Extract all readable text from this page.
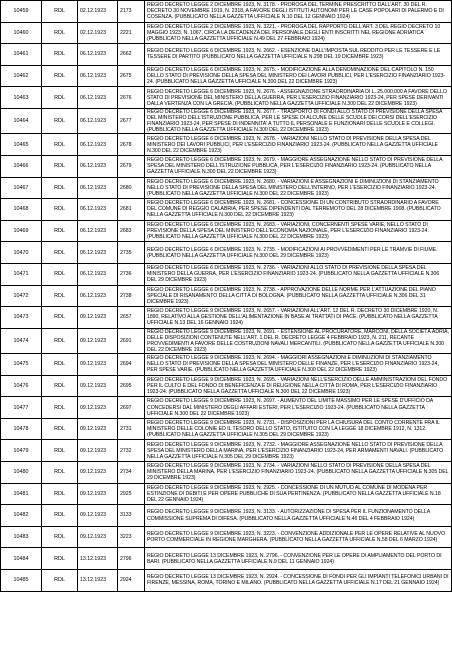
10459	RDL	02.12.1923	2173	REGIO DECRETO LEGGE 2 DICEMBRE 1923, N. 3178. - PROROGA DEL TERMINE PRESCRITTO DALL'ART. 30 DEL R. DECRETO 30 NOVEMBRE 1919, N. 2318, A FAVORE DEGLI ISTITUTI AUTONOMI PER LE CASE POPOLARI DI PALERMO E DI COSENZA. (PUBBLICATO NELLA GAZZETTA UFFICIALE N.10 DEL 12 GENNAIO 1924)
10460	RDL	02.12.1923	2221	REGIO DECRETO LEGGE 2 DICEMBRE 1923, N. 3221. - PROROGA DEL RAPPORTO DELL'ART. 3 DEL REGIO DECRETO 10 MAGGIO 1923, N. 1067, CIRCA LA DECADENZA DEL PERSONALE DEGLI ENTI INSCRITTI NEL REGIONE ADRIATICA (PUBBLICATO NELLA GAZZETTA UFFICIALE N.49 DEL 27 FEBBRAIO 1924)
10461	RDL	06.12.1923	2662	REGIO DECRETO LEGGE 6 DICEMBRE 1923, N. 2662. - ESENZIONE DALL'IMPOSTA SUL REDDITO PER LE TESSERE E LE TESSERE DI PARTITO (PUBBLICATO NELLA GAZZETTA UFFICIALE N.298 DEL 19 DICEMBRE 1923)
10462	RDL	06.12.1923	2675	REGIO DECRETO LEGGE 6 DICEMBRE 1923, N. 2675. - MODIFICAZIONE ALLA DENOMINAZIONE DEL CAPITOLO N. 150 DELLO STATO DI PREVISIONE DELLA SPESA DEL MINISTERO DEI LAVORI PUBBLICI, PER L'ESERCIZIO FINANZIARIO 1923-24. (PUBBLICATO NELLA GAZZETTA UFFICIALE N.300 DEL 22 DICEMBRE 1923)
10463	RDL	06.12.1923	2676	REGIO DECRETO LEGGE 6 DICEMBRE 1923, N. 2676. - ASSEGNAZIONE STRAORDINARIA DI L. 25.000.000 A FAVORE DELLO STATO DI PREVISIONE DEL MINISTERO DELLA GUERRA, PER L'ESERCIZIO FINANZIARIO 1923-24, PER SPESE DERIVANTI DALLA VERTENZA CON LA GRECIA. (PUBBLICATO NELLA GAZZETTA UFFICIALE N.300 DEL 22 DICEMBRE 1923)
10464	RDL	06.12.1923	2677	REGIO DECRETO LEGGE 6 DICEMBRE 1923, N. 2677. - TRASPORTO DI FONDI ALLO STATO DI PREVISIONE DELLA SPESA DEL MINISTERO DELL'ISTRUZIONE PUBBLICA, PER LE SPESE DI ALCUNE DELLE SCUOLE DEI CORSI DELL'ESERCIZIO FINANZIARIO 1923-24, PER SPESE DI INDENNITA' A TUTTO IL PERSONALE E FUNZIONARI DELLE SCUOLE E COLLEGI. (PUBBLICATO NELLA GAZZETTA UFFICIALE N.300 DEL 22 DICEMBRE 1923)
10465	RDL	06.12.1923	2678	REGIO DECRETO LEGGE 6 DICEMBRE 1923, N. 2678. - VARIAZIONI NELLO STATO DI PREVISIONE DELLA SPESA DEL MINISTERO DEI LAVORI PUBBLICI, PER L'ESERCIZIO FINANZIARIO 1923-24. (PUBBLICATO NELLA GAZZETTA UFFICIALE N.300 DEL 22 DICEMBRE 1923)
10466	RDL	06.12.1923	2679	REGIO DECRETO LEGGE 6 DICEMBRE 1923, N. 2679. - MAGGIORE ASSEGNAZIONE NELLO STATO DI PREVISIONE DELLA SPESA DEL MINISTERO DELL'ISTRUZIONE PUBBLICA, PER L'ESERCIZIO FINANZIARIO 1923-24. (PUBBLICATO NELLA GAZZETTA UFFICIALE N.300 DEL 22 DICEMBRE 1923)
10467	RDL	06.12.1923	2680	REGIO DECRETO LEGGE 6 DICEMBRE 1923, N. 2680. - VARIAZIONI E ASSEGNAZIONI E DIMINUZIONI DI STANZIAMENTO NELLO STATO DI PREVISIONE DELLA SPESA DEL MINISTERO DELL'INTERNO, PER L'ESERCIZIO FINANZIARIO 1923-24. (PUBBLICATO NELLA GAZZETTA UFFICIALE N.300 DEL 22 DICEMBRE 1923)
10468	RDL	06.12.1923	2681	REGIO DECRETO LEGGE 6 DICEMBRE 1923, N. 2681. - CONCESSIONE DI UN CONTRIBUTO STRAORDINARIO A FAVORE DEL COMUNE DI REGGIO CALABRIA, PER SPESE DIPENDENTI DAL TERREMOTO DEL 28 DICEMBRE 1908. (PUBBLICATO NELLA GAZZETTA UFFICIALE N.300 DEL 22 DICEMBRE 1923)
10469	RDL	06.12.1923	2683	REGIO DECRETO LEGGE 6 DICEMBRE 1923, N. 2683. - VARIAZIONI, CONCERNENTI SPESE VARIE, NELLO STATO DI PREVISIONE DELLA SPESA DEL MINISTERO DELL'ECONOMIA NAZIONALE, PER L'ESERCIZIO FINANZIARIO 1923-24. (PUBBLICATO NELLA GAZZETTA UFFICIALE N.300 DEL 22 DICEMBRE 1923)
10470	RDL	06.12.1923	2735	REGIO DECRETO LEGGE 6 DICEMBRE 1923, N. 2735. - MODIFICAZIONI AI PROVVEDIMENTI PER LE TRAMVIE DI FIUME. (PUBBLICATO NELLA GAZZETTA UFFICIALE N.300 DEL 29 DICEMBRE 1923)
10471	RDL	06.12.1923	2736	REGIO DECRETO LEGGE 6 DICEMBRE 1923, N. 2736. - VARIAZIONI ALLO STATO DI PREVISIONE DELLA SPESA DEL MINISTERO DELLA GUERRA, PER L'ESERCIZIO FINANZIARIO 1923-24. (PUBBLICATO NELLA GAZZETTA UFFICIALE N.306 DEL 29 DICEMBRE 1923)
10472	RDL	06.12.1923	2738	REGIO DECRETO LEGGE 6 DICEMBRE 1923, N. 2738. - APPROVAZIONE DELLE NORME PER L'ATTUAZIONE DEL PIANO SPECIALE DI RISANAMENTO DELLA CITTÀ DI BOLOGNA. (PUBBLICATO NELLA GAZZETTA UFFICIALE N.306 DEL 31 DICEMBRE 1923)
10473	RDL	09.12.1923	2657	REGIO DECRETO LEGGE 9 DICEMBRE 1923, N. 2657. - VARIAZIONI ALL'ART. 12 DEL R. DECRETO 30 DICEMBRE 1920, N. 1890, RELATIVO ALLA GESTIONE DELL'ALIMENTAZIONE IN BASE AI TRATTATI DI PACE. (PUBBLICATO NELLA GAZZETTA UFFICIALE N.13 DEL 16 GENNAIO 1924)
10474	RDL	09.12.1923	2691	REGIO DECRETO LEGGE 9 DICEMBRE 1923, N. 2691. - ESTENSIONE AL PROCURATORE, MARCONI, DELLA SOCIETÀ ADRIA, DELLE DISPOSIZIONI CONTENUTE NELL'ART. 1 DEL R. DECRETO LEGGE 4 FEBBRAIO 1923, N. 211, RECANTE PROVVEDIMENTI A FAVORE DELLE COSTRUZIONI NAVALI MERCANTILI. (PUBBLICATO NELLA GAZZETTA UFFICIALE N.300 DEL 22 DICEMBRE 1923)
10475	RDL	09.12.1923	2694	REGIO DECRETO LEGGE 9 DICEMBRE 1923, N. 2694. - MAGGIORI ASSEGNAZIONI E DIMINUZIONI DI STANZIAMENTO NELLO STATO DI PREVISIONE DELLA SPESA DEL MINISTERO DELLE FINANZE, PER L'ESERCIZIO FINANZIARIO 1923-24, PER SPESE VARIE. (PUBBLICATO NELLA GAZZETTA UFFICIALE N.300 DEL 22 DICEMBRE 1923)
10476	RDL	09.12.1923	2695	REGIO DECRETO LEGGE 9 DICEMBRE 1923, N. 2695. - VARIAZIONI NELL'ESERCIZIO DELLE AMMINISTRAZIONI DEL FONDO PER IL CULTO E DEL FONDO DI BENEFICENZA E DI RELIGIONE NELLA CITTÀ DI ROMA, PER L'ESERCIZIO FINANZIARIO 1923-24. (PUBBLICATO NELLA GAZZETTA UFFICIALE N.300 DEL 22 DICEMBRE 1923)
10477	RDL	09.12.1923	2697	REGIO DECRETO LEGGE 9 DICEMBRE 1923, N. 2697. - AUMENTO DEL LIMITE MASSIMO PER LE SPESE D'UFFICIO DA CONCEDERSI DAL MINISTERO DEGLI AFFARI ESTERI, PER L'ESERCIZIO 1923-24. (PUBBLICATO NELLA GAZZETTA UFFICIALE N.300 DEL 22 DICEMBRE 1923)
10478	RDL	09.12.1923	2731	REGIO DECRETO LEGGE 9 DICEMBRE 1923, N. 2731. - DISPOSIZIONI PER LA CHIUSURA DEL CONTO CORRENTE FRA IL MINISTERO DELLE COLONIE ED IL TESORO DELLO STATO, ISTITUITO CON LA LEGGE 18 DICEMBRE 1912, N. 1312. (PUBBLICATO NELLA GAZZETTA UFFICIALE N.305 DEL 29 DICEMBRE 1923)
10479	RDL	09.12.1923	2732	REGIO DECRETO LEGGE 9 DICEMBRE 1923, N. 2732. - MAGGIORE ASSEGNAZIONE NELLO STATO DI PREVISIONE DELLA SPESA DEL MINISTERO DELLA MARINA, PER L'ESERCIZIO FINANZIARIO 1923-24, PER ARMAMENTI NAVALI. (PUBBLICATO NELLA GAZZETTA UFFICIALE N.305 DEL 29 DICEMBRE 1923)
10480	RDL	09.12.1923	2734	REGIO DECRETO LEGGE 9 DICEMBRE 1923, N. 2734. - VARIAZIONI NELLO STATO DI PREVISIONE DELLA SPESA DEL MINISTERO DELLA MARINA, PER L'ESERCIZIO FINANZIARIO 1923-24. (PUBBLICATO NELLA GAZZETTA UFFICIALE N.305 DEL 29 DICEMBRE 1923)
10481	RDL	09.12.1923	2925	REGIO DECRETO LEGGE 9 DICEMBRE 1923, N. 2925. - CONCESSIONE DI UN MUTUO AL COMUNE DI MODENA PER ESTINZIONE DI DEBITI E PER OPERE PUBBLICHE DI SUA PERTINENZA. (PUBBLICATO NELLA GAZZETTA UFFICIALE N.18 DEL 22 GENNAIO 1924)
10482	RDL	09.12.1923	3133	REGIO DECRETO LEGGE 9 DICEMBRE 1923, N. 3133. - AUTORIZZAZIONE DI SPESA PER IL FUNZIONAMENTO DELLA COMMISSIONE SUPREMA DI DIFESA. (PUBBLICATO NELLA GAZZETTA UFFICIALE N.46 DEL 4 FEBBRAIO 1924)
10483	RDL	09.12.1923	3223	REGIO DECRETO LEGGE 9 DICEMBRE 1923, N. 3223. - CONVENZIONE ADDIZIONALE PER LE OPERE RELATIVE AL NUOVO PORTO COMMERCIALE IN REGIONE MARGHERA. (PUBBLICATO NELLA GAZZETTA UFFICIALE N.58 DEL 6 MARZO 1924)
10484	RDL	13.12.1923	2796	REGIO DECRETO LEGGE 13 DICEMBRE 1923, N. 2796. - CONVENZIONE PER LE OPERE DI AMPLIAMENTO DEL PORTO DI BARI. (PUBBLICATO NELLA GAZZETTA UFFICIALE N.9 DEL 11 GENNAIO 1924)
10485	RDL	13.12.1923	2924	REGIO DECRETO LEGGE 13 DICEMBRE 1923, N. 2924. - CONCESSIONE DI FONDI PER GLI IMPIANTI TELEFONICI URBANI DI FIRENZE, MESSINA, ROMA, TORINO E MILANO. (PUBBLICATO NELLA GAZZETTA UFFICIALE N.17 DEL 21 GENNAIO 1924)
